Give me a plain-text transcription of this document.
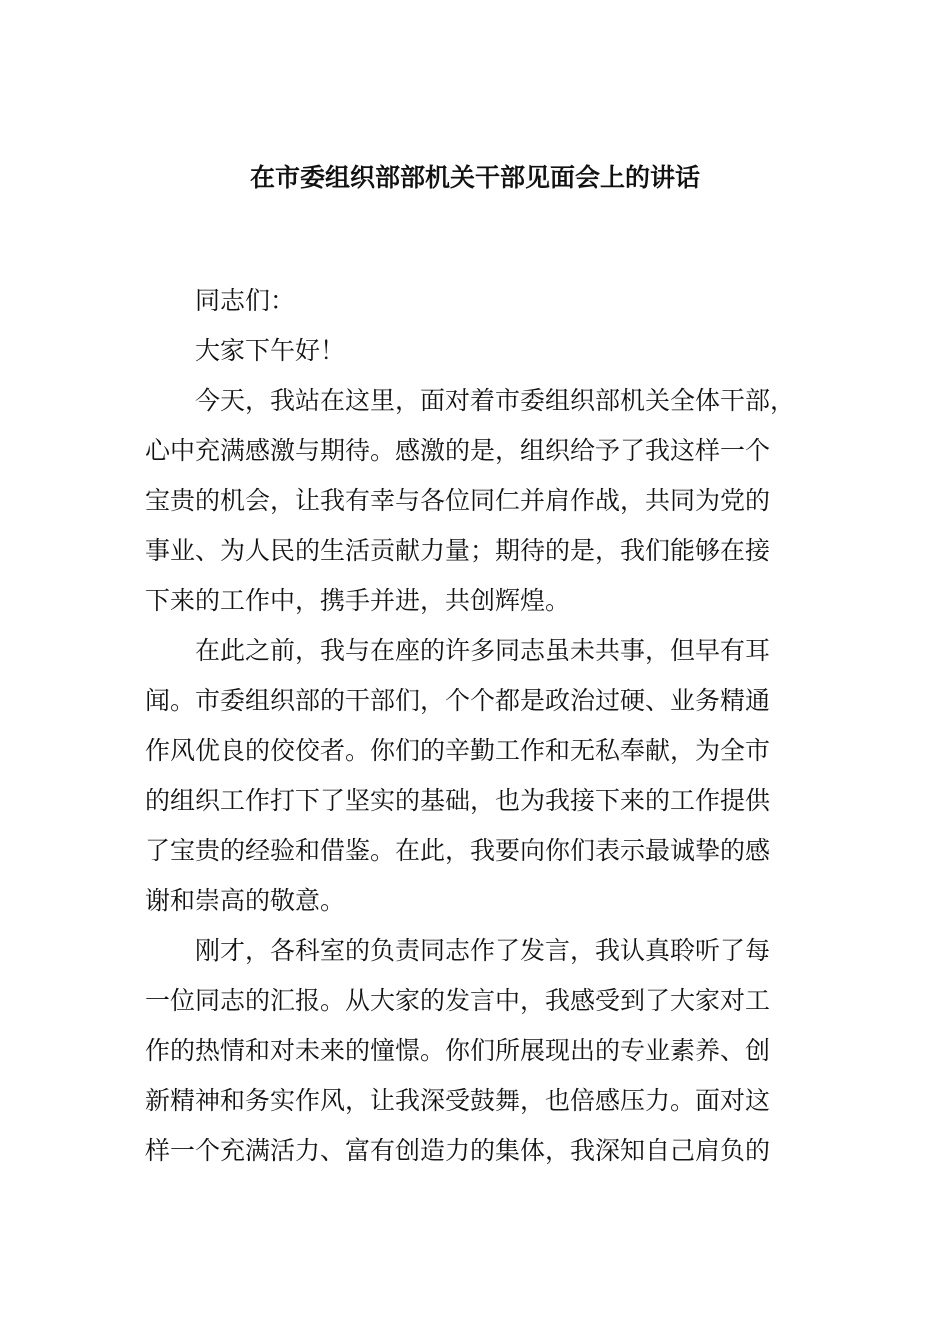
在市委组织部部机关干部见面会上的讲话
同志们：
大家下午好！
今天，我站在这里，面对着市委组织部机关全体干部，
心中充满感激与期待。感激的是，组织给予了我这样一个
宝贵的机会，让我有幸与各位同仁并肩作战，共同为党的
事业、为人民的生活贡献力量；期待的是，我们能够在接
下来的工作中，携手并进，共创辉煌。
在此之前，我与在座的许多同志虽未共事，但早有耳
闻。市委组织部的干部们，个个都是政治过硬、业务精通
作风优良的佼佼者。你们的辛勤工作和无私奉献，为全市
的组织工作打下了坚实的基础，也为我接下来的工作提供
了宝贵的经验和借鉴。在此，我要向你们表示最诚挚的感
谢和崇高的敬意。
刚才，各科室的负责同志作了发言，我认真聆听了每
一位同志的汇报。从大家的发言中，我感受到了大家对工
作的热情和对未来的憧憬。你们所展现出的专业素养、创
新精神和务实作风，让我深受鼓舞，也倍感压力。面对这
样一个充满活力、富有创造力的集体，我深知自己肩负的
